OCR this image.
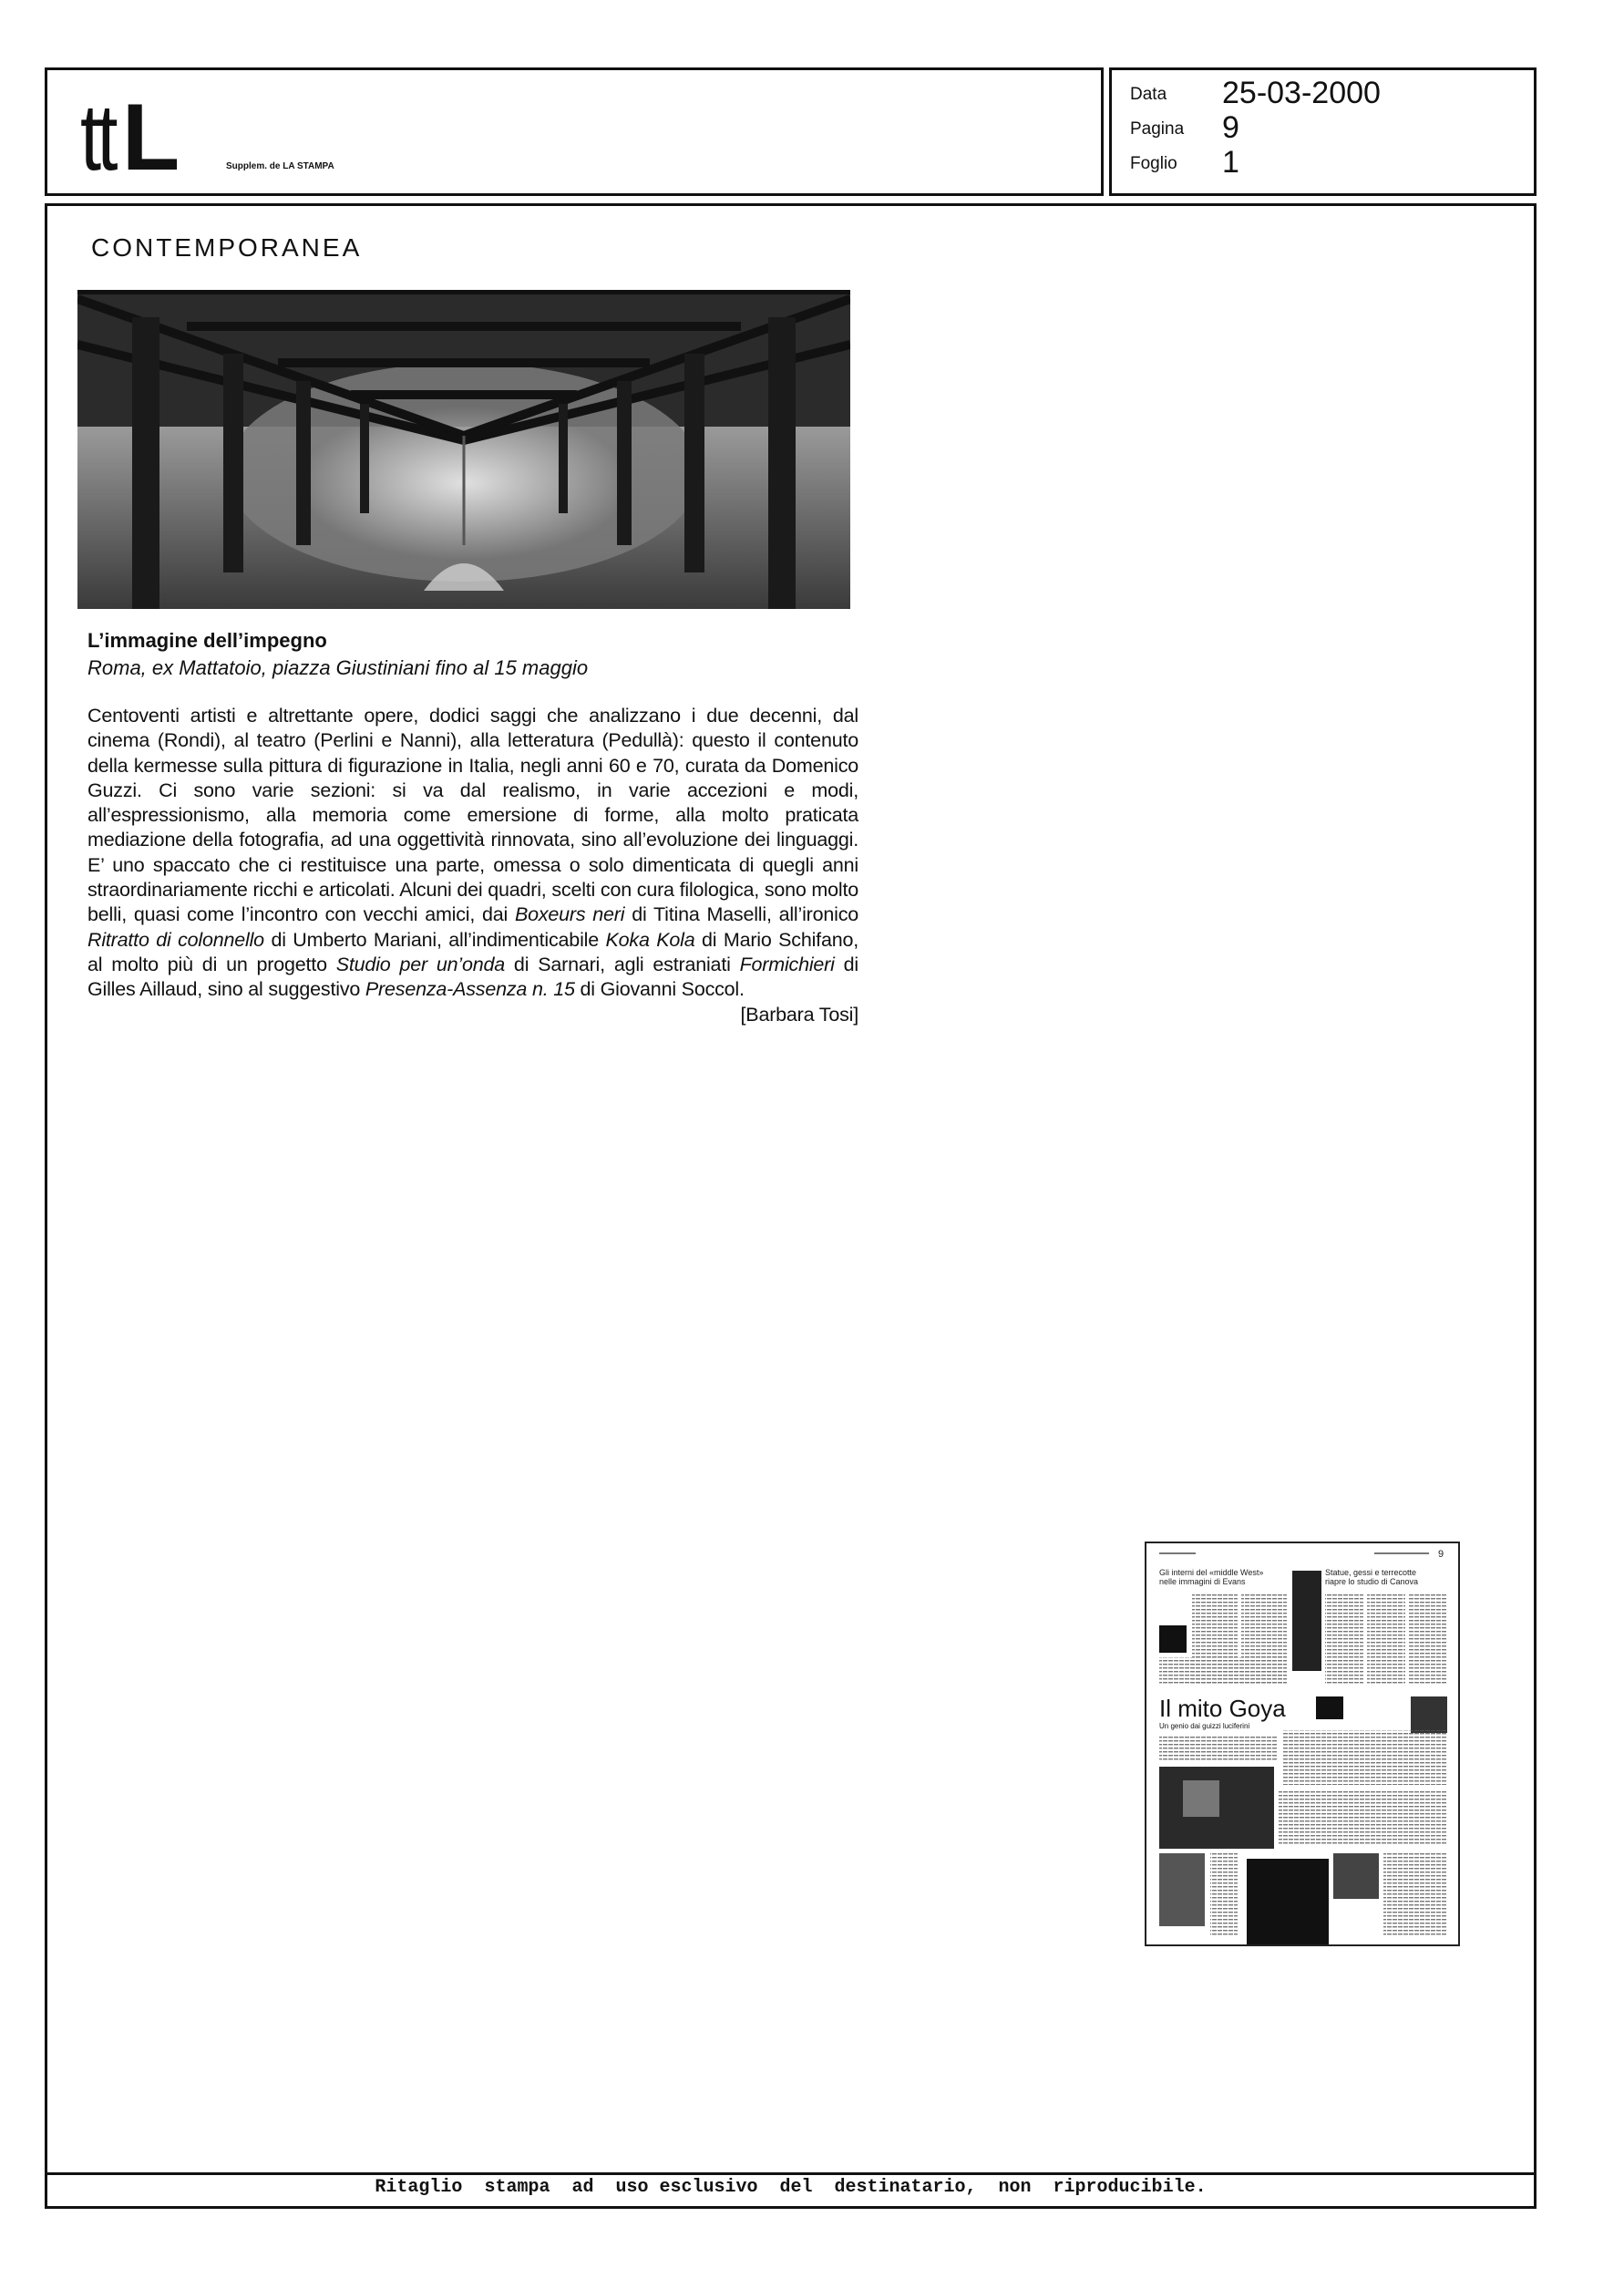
ttL	Supplem. de LA STAMPA
Data 25-03-2000
Pagina 9
Foglio 1
CONTEMPORANEA
L’immagine dell’impegno
Roma, ex Mattatoio, piazza Giustiniani fino al 15 maggio
Centoventi artisti e altrettante opere, dodici saggi che analizzano i due decenni, dal cinema (Rondi), al teatro (Perlini e Nanni), alla letteratura (Pedullà): questo il contenuto della kermesse sulla pittura di figurazione in Italia, negli anni 60 e 70, curata da Domenico Guzzi. Ci sono varie sezioni: si va dal realismo, in varie accezioni e modi, all’espressionismo, alla memoria come emersione di forme, alla molto praticata mediazione della fotografia, ad una oggettività rinnovata, sino all’evoluzione dei linguaggi. E’ uno spaccato che ci restituisce una parte, omessa o solo dimenticata di quegli anni straordinariamente ricchi e articolati. Alcuni dei quadri, scelti con cura filologica, sono molto belli, quasi come l’incontro con vecchi amici, dai Boxeurs neri di Titina Maselli, all’ironico Ritratto di colonnello di Umberto Mariani, all’indimenticabile Koka Kola di Mario Schifano, al molto più di un progetto Studio per un’onda di Sarnari, agli estraniati Formichieri di Gilles Aillaud, sino al suggestivo Presenza-Assenza n. 15 di Giovanni Soccol.
[Barbara Tosi]
9
Gli interni del «middle West»
nelle immagini di Evans
Statue, gessi e terrecotte
riapre lo studio di Canova
Il mito Goya
Un genio dai guizzi luciferini
Ritaglio  stampa  ad  uso esclusivo  del  destinatario,  non  riproducibile.
